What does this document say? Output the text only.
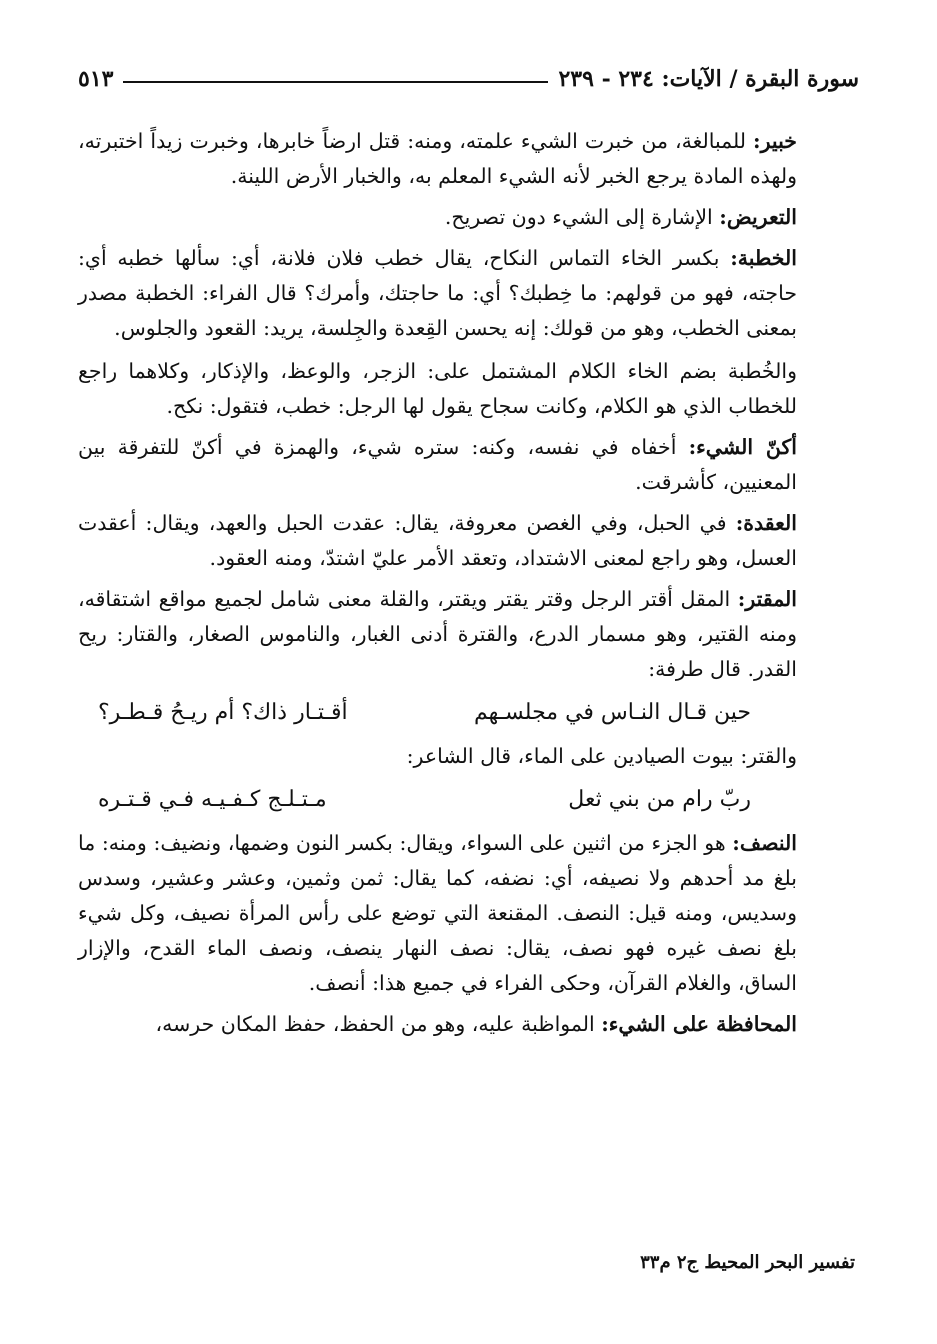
سورة البقرة / الآيات: ٢٣٤ - ٢٣٩
٥١٣

خبير: للمبالغة، من خبرت الشيء علمته، ومنه: قتل ارضاً خابرها، وخبرت زيداً اختبرته، ولهذه المادة يرجع الخبر لأنه الشيء المعلم به، والخبار الأرض اللينة.

التعريض: الإشارة إلى الشيء دون تصريح.

الخطبة: بكسر الخاء التماس النكاح، يقال خطب فلان فلانة، أي: سألها خطبه أي: حاجته، فهو من قولهم: ما خِطبك؟ أي: ما حاجتك، وأمرك؟ قال الفراء: الخطبة مصدر بمعنى الخطب، وهو من قولك: إنه يحسن القِعدة والجِلسة، يريد: القعود والجلوس.
والخُطبة بضم الخاء الكلام المشتمل على: الزجر، والوعظ، والإذكار، وكلاهما راجع للخطاب الذي هو الكلام، وكانت سجاح يقول لها الرجل: خطب، فتقول: نكح.

أكنّ الشيء: أخفاه في نفسه، وكنه: ستره شيء، والهمزة في أكنّ للتفرقة بين المعنيين، كأشرقت.

العقدة: في الحبل، وفي الغصن معروفة، يقال: عقدت الحبل والعهد، ويقال: أعقدت العسل، وهو راجع لمعنى الاشتداد، وتعقد الأمر عليّ اشتدّ، ومنه العقود.

المقتر: المقل أقتر الرجل وقتر يقتر ويقتر، والقلة معنى شامل لجميع مواقع اشتقاقه، ومنه القتير، وهو مسمار الدرع، والقترة أدنى الغبار، والناموس الصغار، والقتار: ريح القدر. قال طرفة:

حين قـال النـاس في مجلسـهم
أقـتـار ذاك؟ أم ريـحُ قـطـر؟

والقتر: بيوت الصيادين على الماء، قال الشاعر:

ربّ رام من بني ثعل
مـتـلـج كـفـيـه فـي قـتـره

النصف: هو الجزء من اثنين على السواء، ويقال: بكسر النون وضمها، ونضيف: ومنه: ما بلغ مد أحدهم ولا نصيفه، أي: نضفه، كما يقال: ثمن وثمين، وعشر وعشير، وسدس وسديس، ومنه قيل: النصف. المقنعة التي توضع على رأس المرأة نصيف، وكل شيء بلغ نصف غيره فهو نصف، يقال: نصف النهار ينصف، ونصف الماء القدح، والإزار الساق، والغلام القرآن، وحكى الفراء في جميع هذا: أنصف.

المحافظة على الشيء: المواظبة عليه، وهو من الحفظ، حفظ المكان حرسه،

تفسير البحر المحيط ج٢ م٣٣
